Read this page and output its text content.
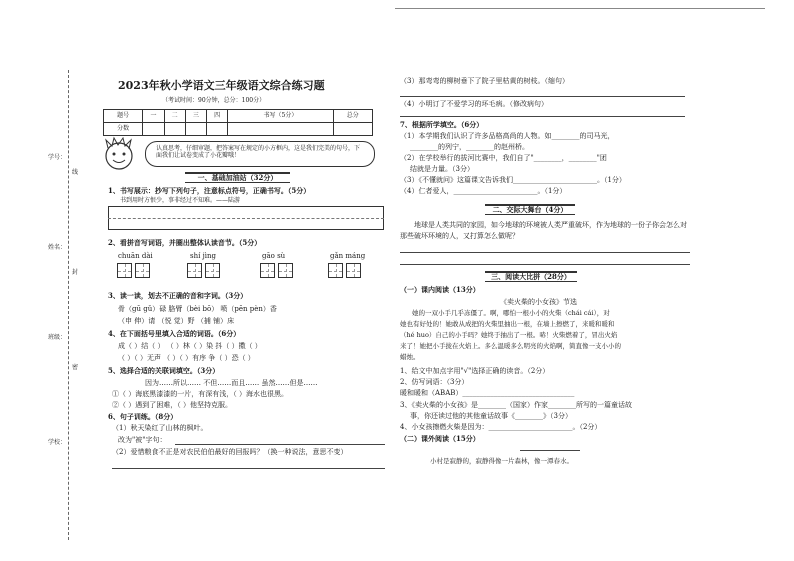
学号：
线
姓名：
封
班级：
密
学校：
2023年秋小学语文三年级语文综合练习题
（考试时间：90分钟，总分：100分）
题号	一	二	三	四	书写（5分）	总分
分数						
认真思考，仔细审题，把答案写在规定的小方框内，这是我们完美的句号，下面我们让试卷变成了小花瓣哦！
一、基础加油站（32分）
1、书写展示：抄写下列句子，注意标点符号，正确书写。（5分）
书到用时方恨少，事非经过不知难。——陆游
2、看拼音写词语，并圈出整体认读音节。（5分）
chuān dài	shí jìng	gāo sù	gǎn máng
3、读一读，划去不正确的音和字词。（3分）
骨（gū gǔ）碌 胳臂（bèi bō） 喷（pēn pèn）香
（申 伸）请 （悦 觉）野 （捕 铺）床
4、在下面括号里填入合适的词语。（6分）
成（ ）结（ ） （ ）林（ ）染 抖（ ）擞（ ）
（ ）（ ）无声 （ ）（ ）有序 争（ ）恐（ ）
5、选择合适的关联词填空。（3分）
因为……所以…… 不但……而且…… 虽然……但是……
①（ ）海底黑漆漆的一片，有深有浅，（ ）海水也很黑。
②（ ）遇到了困难，（ ）他坚持克服。
6、句子训练。（8分）
（1）秋天染红了山林的枫叶。
改为"被"字句：
（2）爱惜粮食不正是对农民伯伯最好的回报吗？（换一种说法，意思不变）
（3）那弯弯的柳树垂下了院子里枯黄的树枝。（缩句）
（4）小明订了不爱学习的坏毛病。（修改病句）
7、根据所学填空。（6分）
（1）本学期我们认识了许多品格高尚的人物。如________的司马光，
________的列宁，________的赵州桥。
（2）在学校举行的拔河比赛中，我们自了"________，________"团
结就是力量。（3分）
（3）《不懂就问》这篇课文告诉我们________________________。（1分）
（4）仁者爱人，________________________。（1分）
二、交际大舞台（4分）
地球是人类共同的家园，如今地球的环境被人类严重破坏，作为地球的一份子你会怎么对那些破坏环境的人，又打算怎么做呢？
三、阅读大比拼（28分）
（一）课内阅读（13分）
《卖火柴的小女孩》节选
她的一双小手几乎冻僵了。啊，哪怕一根小小的火柴（chái cái），对
她也有好处的！她敢从成把的火柴里抽出一根，在墙上擦燃了，来暖和暖和
（hé huo）自己的小手吗？她终于抽出了一根。哧！火柴燃着了，冒出火焰
来了！她把小手拢在火焰上。多么温暖多么明亮的火焰啊，简直像一支小小的
蜡烛。
1、给文中加点字用"√"选择正确的读音。（2分）
2、仿写词语：（3分）
暖和暖和（ABAB）________________________________
3、《卖火柴的小女孩》是________（国家）作家________所写的一篇童话故
事，你还读过他的其他童话故事《________》（3分）
4、小女孩擦燃火柴是因为：________________________。（2分）
（二）课外阅读（15分）
小村是寂静的，寂静得像一片森林，像一潭春水。
